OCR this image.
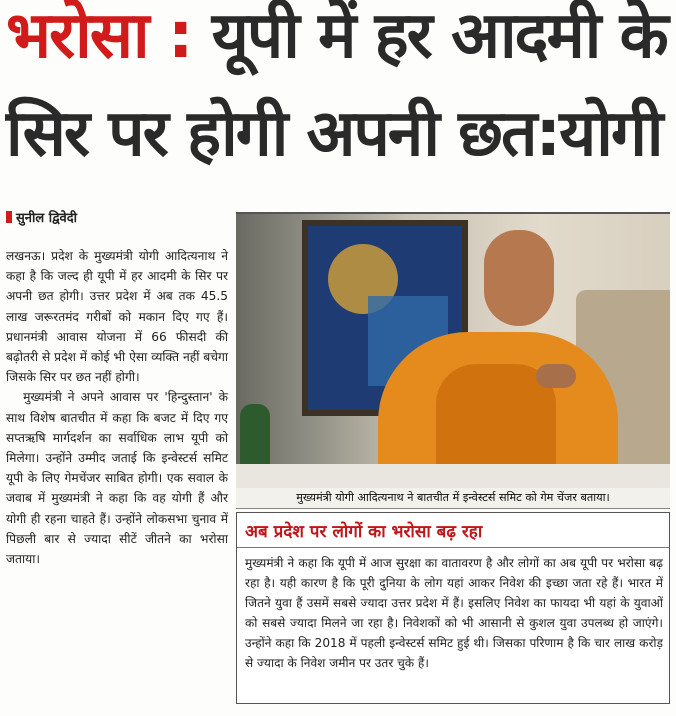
भरोसा : यूपी में हर आदमी के
सिर पर होगी अपनी छत:योगी
सुनील द्विवेदी

लखनऊ। प्रदेश के मुख्यमंत्री योगी आदित्यनाथ ने कहा है कि जल्द ही यूपी में हर आदमी के सिर पर अपनी छत होगी। उत्तर प्रदेश में अब तक 45.5 लाख जरूरतमंद गरीबों को मकान दिए गए हैं। प्रधानमंत्री आवास योजना में 66 फीसदी की बढ़ोतरी से प्रदेश में कोई भी ऐसा व्यक्ति नहीं बचेगा जिसके सिर पर छत नहीं होगी।

मुख्यमंत्री ने अपने आवास पर 'हिन्दुस्तान' के साथ विशेष बातचीत में कहा कि बजट में दिए गए सप्तऋषि मार्गदर्शन का सर्वाधिक लाभ यूपी को मिलेगा। उन्होंने उम्मीद जताई कि इन्वेस्टर्स समिट यूपी के लिए गेमचेंजर साबित होगी। एक सवाल के जवाब में मुख्यमंत्री ने कहा कि वह योगी हैं और योगी ही रहना चाहते हैं। उन्होंने लोकसभा चुनाव में पिछली बार से ज्यादा सीटें जीतने का भरोसा जताया।

मुख्यमंत्री योगी आदित्यनाथ ने बातचीत में इन्वेस्टर्स समिट को गेम चेंजर बताया।
अब प्रदेश पर लोगों का भरोसा बढ़ रहा
मुख्यमंत्री ने कहा कि यूपी में आज सुरक्षा का वातावरण है और लोगों का अब यूपी पर भरोसा बढ़ रहा है। यही कारण है कि पूरी दुनिया के लोग यहां आकर निवेश की इच्छा जता रहे हैं। भारत में जितने युवा हैं उसमें सबसे ज्यादा उत्तर प्रदेश में हैं। इसलिए निवेश का फायदा भी यहां के युवाओं को सबसे ज्यादा मिलने जा रहा है। निवेशकों को भी आसानी से कुशल युवा उपलब्ध हो जाएंगे। उन्होंने कहा कि 2018 में पहली इन्वेस्टर्स समिट हुई थी। जिसका परिणाम है कि चार लाख करोड़ से ज्यादा के निवेश जमीन पर उतर चुके हैं।
